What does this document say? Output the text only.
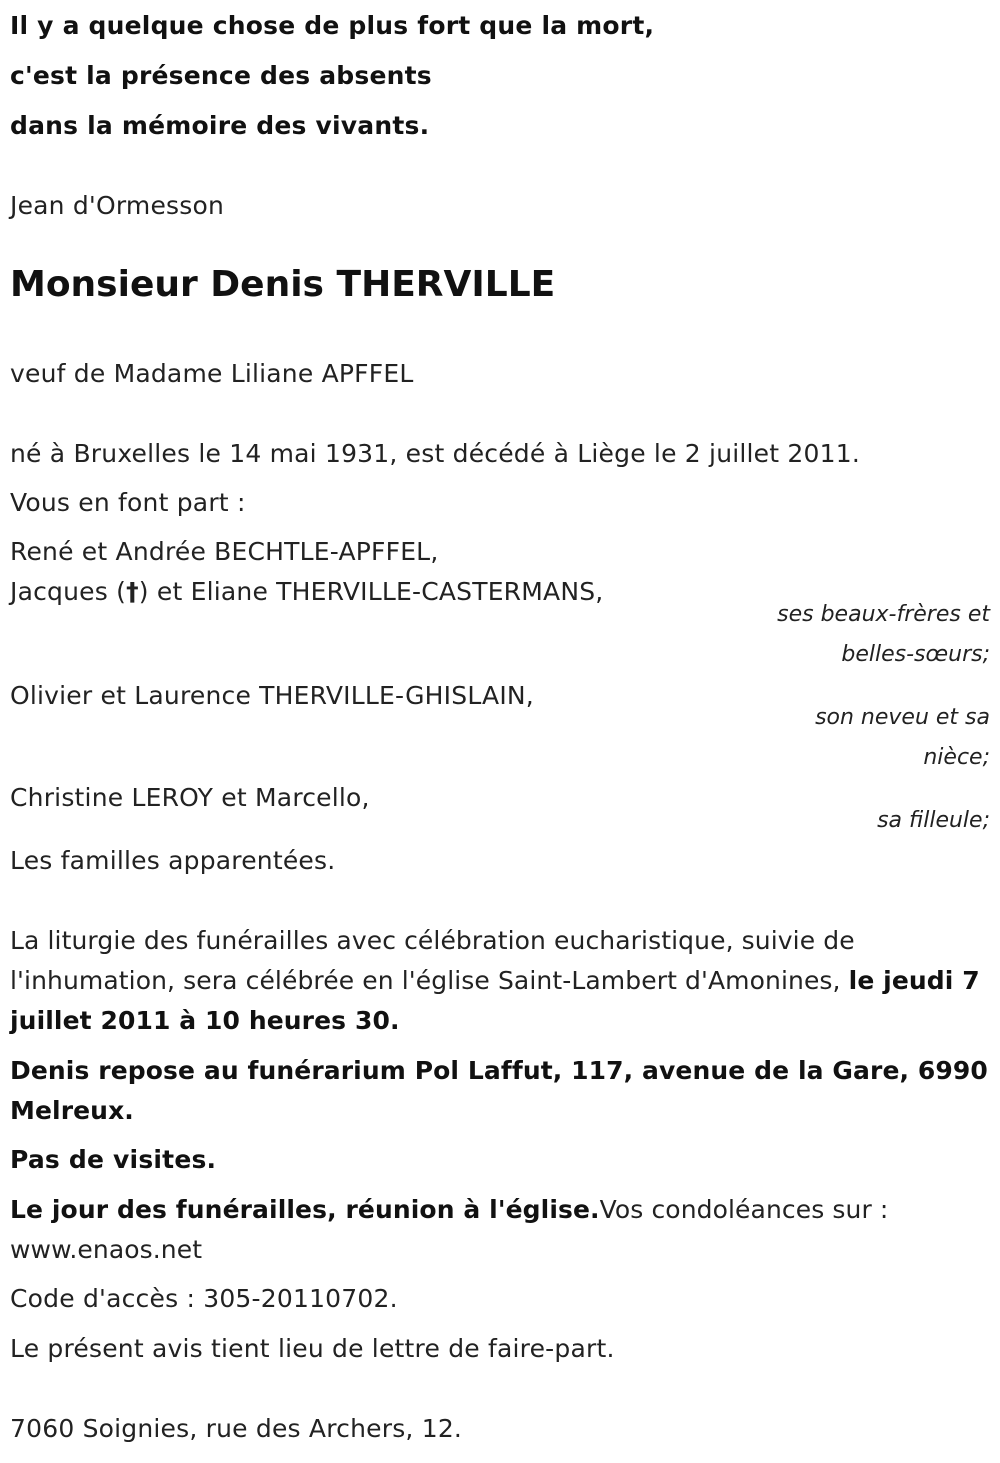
Il y a quelque chose de plus fort que la mort,
c'est la présence des absents
dans la mémoire des vivants.
Jean d'Ormesson
Monsieur Denis THERVILLE
veuf de Madame Liliane APFFEL
né à Bruxelles le 14 mai 1931, est décédé à Liège le 2 juillet 2011.
Vous en font part :
René et Andrée BECHTLE-APFFEL,
Jacques (†) et Eliane THERVILLE-CASTERMANS,
ses beaux-frères et
belles-sœurs;
Olivier et Laurence THERVILLE-GHISLAIN,
son neveu et sa
nièce;
Christine LEROY et Marcello,
sa filleule;
Les familles apparentées.
La liturgie des funérailles avec célébration eucharistique, suivie de l'inhumation, sera célébrée en l'église Saint-Lambert d'Amonines, le jeudi 7 juillet 2011 à 10 heures 30.
Denis repose au funérarium Pol Laffut, 117, avenue de la Gare, 6990 Melreux.
Pas de visites.
Le jour des funérailles, réunion à l'église.Vos condoléances sur : www.enaos.net
Code d'accès : 305-20110702.
Le présent avis tient lieu de lettre de faire-part.
7060 Soignies, rue des Archers, 12.
